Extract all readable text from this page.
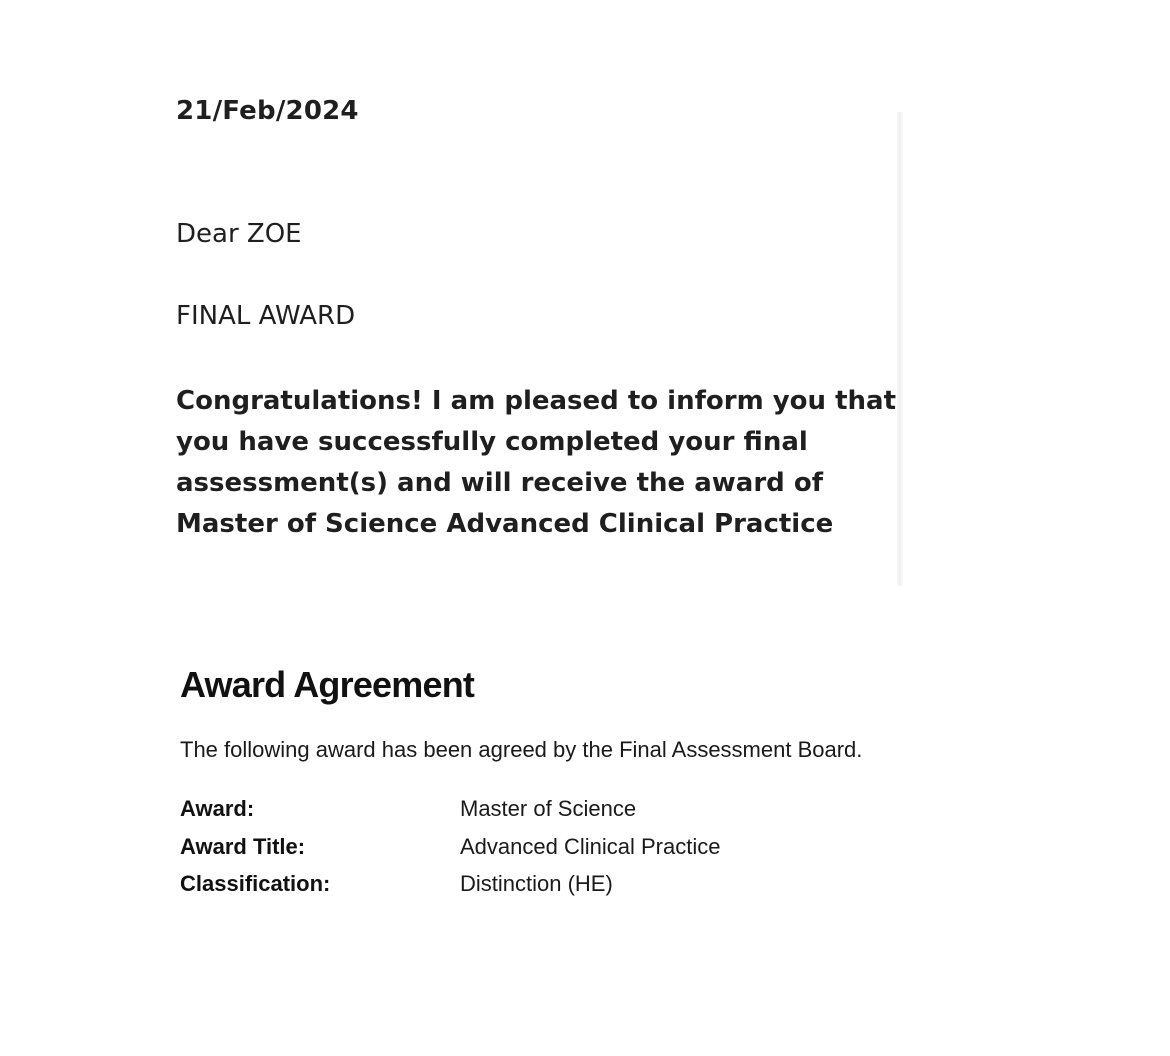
21/Feb/2024
Dear ZOE
FINAL AWARD
Congratulations! I am pleased to inform you that
you have successfully completed your final
assessment(s) and will receive the award of
Master of Science Advanced Clinical Practice
Award Agreement
The following award has been agreed by the Final Assessment Board.
Award:	Master of Science
Award Title:	Advanced Clinical Practice
Classification:	Distinction (HE)
